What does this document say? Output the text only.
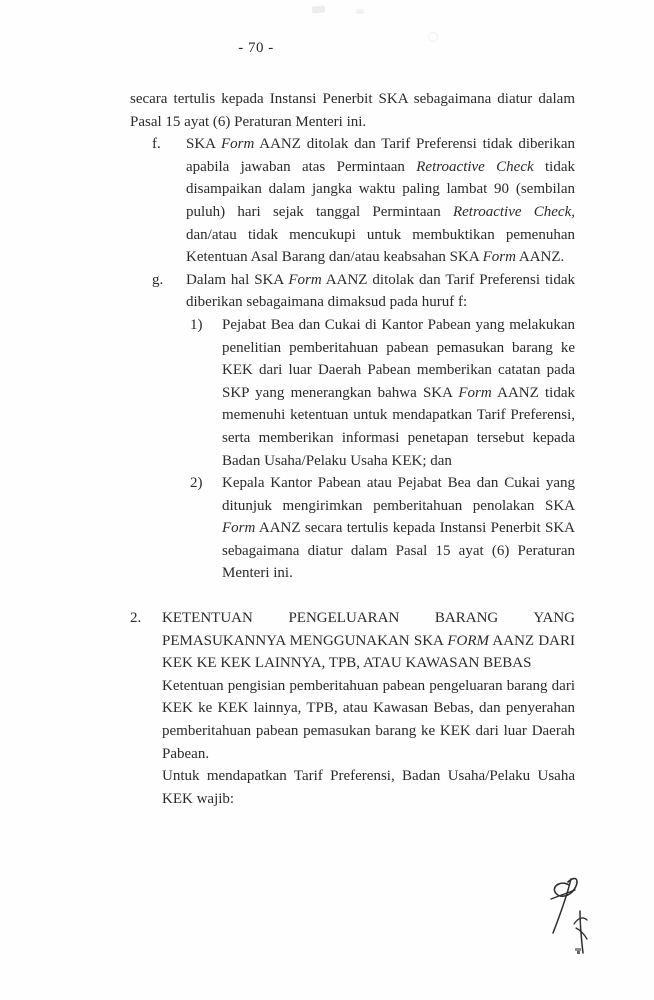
- 70 -

secara tertulis kepada Instansi Penerbit SKA sebagaimana diatur dalam Pasal 15 ayat (6) Peraturan Menteri ini.

f. SKA Form AANZ ditolak dan Tarif Preferensi tidak diberikan apabila jawaban atas Permintaan Retroactive Check tidak disampaikan dalam jangka waktu paling lambat 90 (sembilan puluh) hari sejak tanggal Permintaan Retroactive Check, dan/atau tidak mencukupi untuk membuktikan pemenuhan Ketentuan Asal Barang dan/atau keabsahan SKA Form AANZ.

g. Dalam hal SKA Form AANZ ditolak dan Tarif Preferensi tidak diberikan sebagaimana dimaksud pada huruf f:

1) Pejabat Bea dan Cukai di Kantor Pabean yang melakukan penelitian pemberitahuan pabean pemasukan barang ke KEK dari luar Daerah Pabean memberikan catatan pada SKP yang menerangkan bahwa SKA Form AANZ tidak memenuhi ketentuan untuk mendapatkan Tarif Preferensi, serta memberikan informasi penetapan tersebut kepada Badan Usaha/Pelaku Usaha KEK; dan

2) Kepala Kantor Pabean atau Pejabat Bea dan Cukai yang ditunjuk mengirimkan pemberitahuan penolakan SKA Form AANZ secara tertulis kepada Instansi Penerbit SKA sebagaimana diatur dalam Pasal 15 ayat (6) Peraturan Menteri ini.

2. KETENTUAN PENGELUARAN BARANG YANG PEMASUKANNYA MENGGUNAKAN SKA FORM AANZ DARI KEK KE KEK LAINNYA, TPB, ATAU KAWASAN BEBAS

Ketentuan pengisian pemberitahuan pabean pengeluaran barang dari KEK ke KEK lainnya, TPB, atau Kawasan Bebas, dan penyerahan pemberitahuan pabean pemasukan barang ke KEK dari luar Daerah Pabean.

Untuk mendapatkan Tarif Preferensi, Badan Usaha/Pelaku Usaha KEK wajib:
